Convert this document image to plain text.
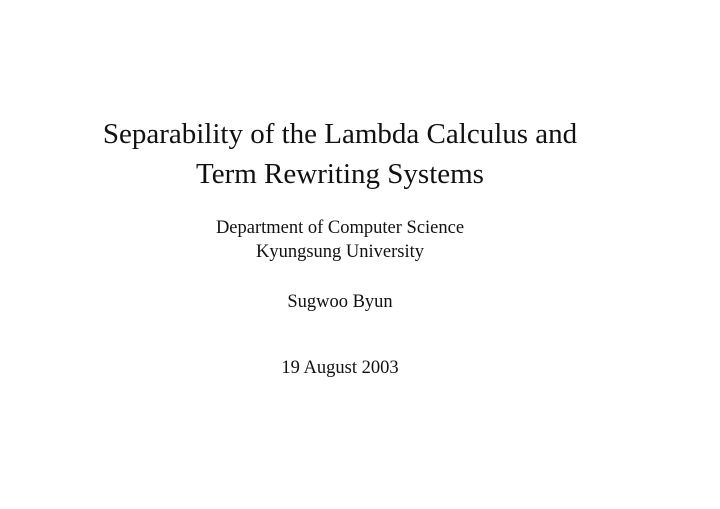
Separability of the Lambda Calculus and
Term Rewriting Systems
Department of Computer Science
Kyungsung University
Sugwoo Byun
19 August 2003
